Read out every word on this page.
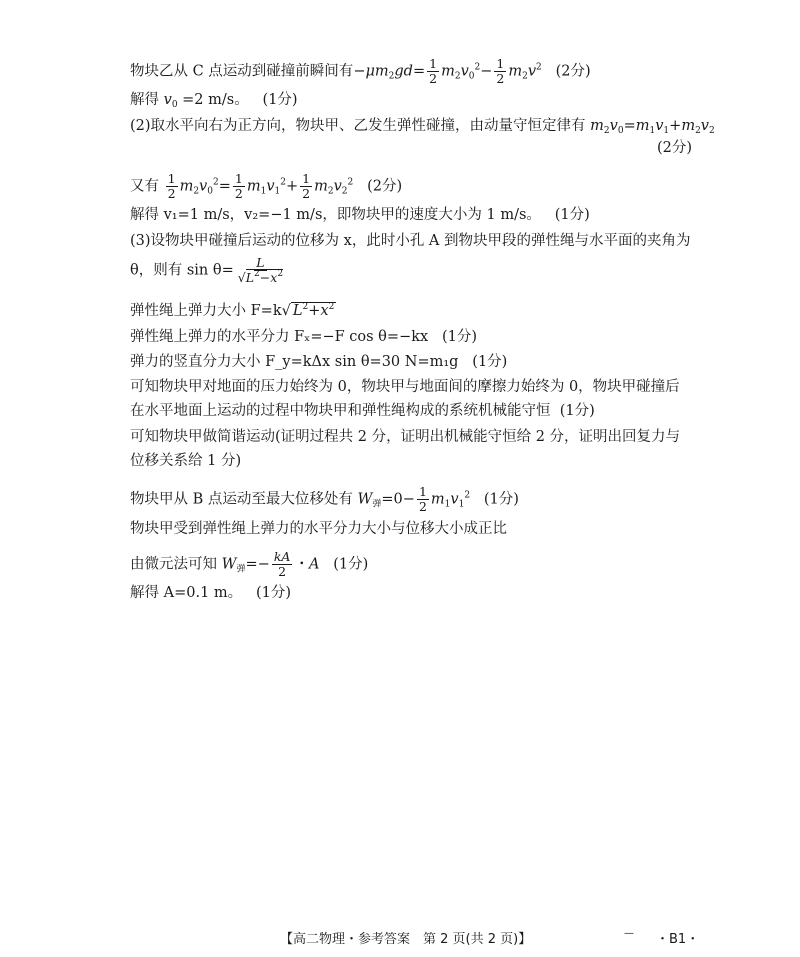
物块乙从 C 点运动到碰撞前瞬间有$-\mu m_2gd= \frac{1}{2} m_2v_0^2- \frac{1}{2} m_2v^2$ (2分)
解得 $v_0 =2$ m/s。 (1分)
(2)取水平向右为正方向，物块甲、乙发生弹性碰撞，由动量守恒定律有 $m_2v_0=m_1v_1+m_2v_2$
(2分)
又有 $\frac{1}{2} m_2v_0^2= \frac{1}{2} m_1v_1^2+ \frac{1}{2} m_2v_2^2$ (2分)
解得 v₁=1 m/s，v₂=−1 m/s，即物块甲的速度大小为 1 m/s。 (1分)
(3)设物块甲碰撞后运动的位移为 x，此时小孔 A 到物块甲段的弹性绳与水平面的夹角为
θ，则有 $\sin \theta= \frac{L}{√L^2-x^2}$
弹性绳上弹力大小 F=k√ $L^2+x^2$
弹性绳上弹力的水平分力 Fₓ=−F cos θ=−kx (1分)
弹力的竖直分力大小 F_y=kΔx sin θ=30 N=m₁g (1分)
可知物块甲对地面的压力始终为 0，物块甲与地面间的摩擦力始终为 0，物块甲碰撞后在水平地面上运动的过程中物块甲和弹性绳构成的系统机械能守恒 (1分)
可知物块甲做简谐运动(证明过程共 2 分，证明出机械能守恒给 2 分，证明出回复力与位移关系给 1 分)
物块甲从 B 点运动至最大位移处有 $W_弹=0- \frac{1}{2} m_1v_1^2$ (1分)
物块甲受到弹性绳上弹力的水平分力大小与位移大小成正比
由微元法可知 $W_弹=- \frac{kA}{2}$ ・A (1分)
解得 A=0.1 m。 (1分)
【高二物理・参考答案　第 2 页(共 2 页)】	— ・B1・
